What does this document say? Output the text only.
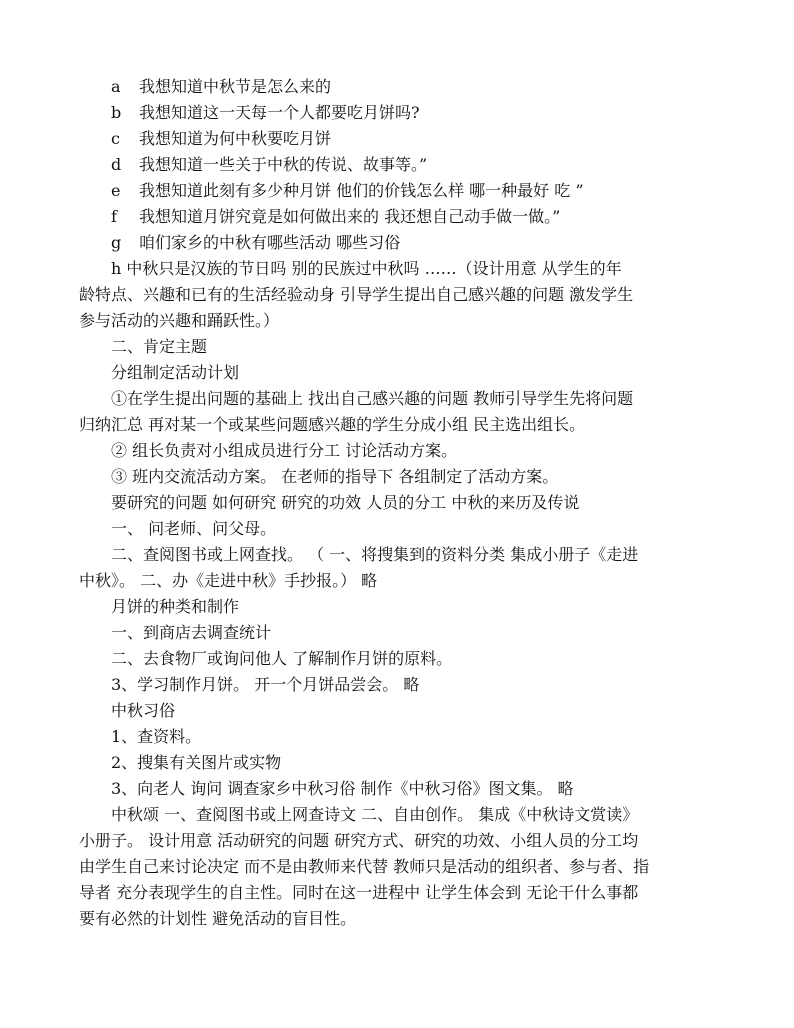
a 我想知道中秋节是怎么来的
b 我想知道这一天每一个人都要吃月饼吗?
c 我想知道为何中秋要吃月饼
d 我想知道一些关于中秋的传说、故事等。”
e 我想知道此刻有多少种月饼 他们的价钱怎么样 哪一种最好 吃 ”
f 我想知道月饼究竟是如何做出来的 我还想自己动手做一做。”
g 咱们家乡的中秋有哪些活动 哪些习俗
h 中秋只是汉族的节日吗 别的民族过中秋吗 ……（设计用意 从学生的年
龄特点、兴趣和已有的生活经验动身 引导学生提出自己感兴趣的问题 激发学生
参与活动的兴趣和踊跃性。）
二、肯定主题
分组制定活动计划
①在学生提出问题的基础上 找出自己感兴趣的问题 教师引导学生先将问题
归纳汇总 再对某一个或某些问题感兴趣的学生分成小组 民主选出组长。
② 组长负责对小组成员进行分工 讨论活动方案。
③ 班内交流活动方案。 在老师的指导下 各组制定了活动方案。
要研究的问题 如何研究 研究的功效 人员的分工 中秋的来历及传说
一、 问老师、问父母。
二、查阅图书或上网查找。 （ 一、将搜集到的资料分类 集成小册子《走进
中秋》。 二、办《走进中秋》手抄报。） 略
月饼的种类和制作
一、到商店去调查统计
二、去食物厂或询问他人 了解制作月饼的原料。
3、学习制作月饼。 开一个月饼品尝会。 略
中秋习俗
1、查资料。
2、搜集有关图片或实物
3、向老人 询问 调查家乡中秋习俗 制作《中秋习俗》图文集。 略
中秋颂 一、查阅图书或上网查诗文 二、自由创作。 集成《中秋诗文赏读》
小册子。 设计用意 活动研究的问题 研究方式、研究的功效、小组人员的分工均
由学生自己来讨论决定 而不是由教师来代替 教师只是活动的组织者、参与者、指
导者 充分表现学生的自主性。同时在这一进程中 让学生体会到 无论干什么事都
要有必然的计划性 避免活动的盲目性。
